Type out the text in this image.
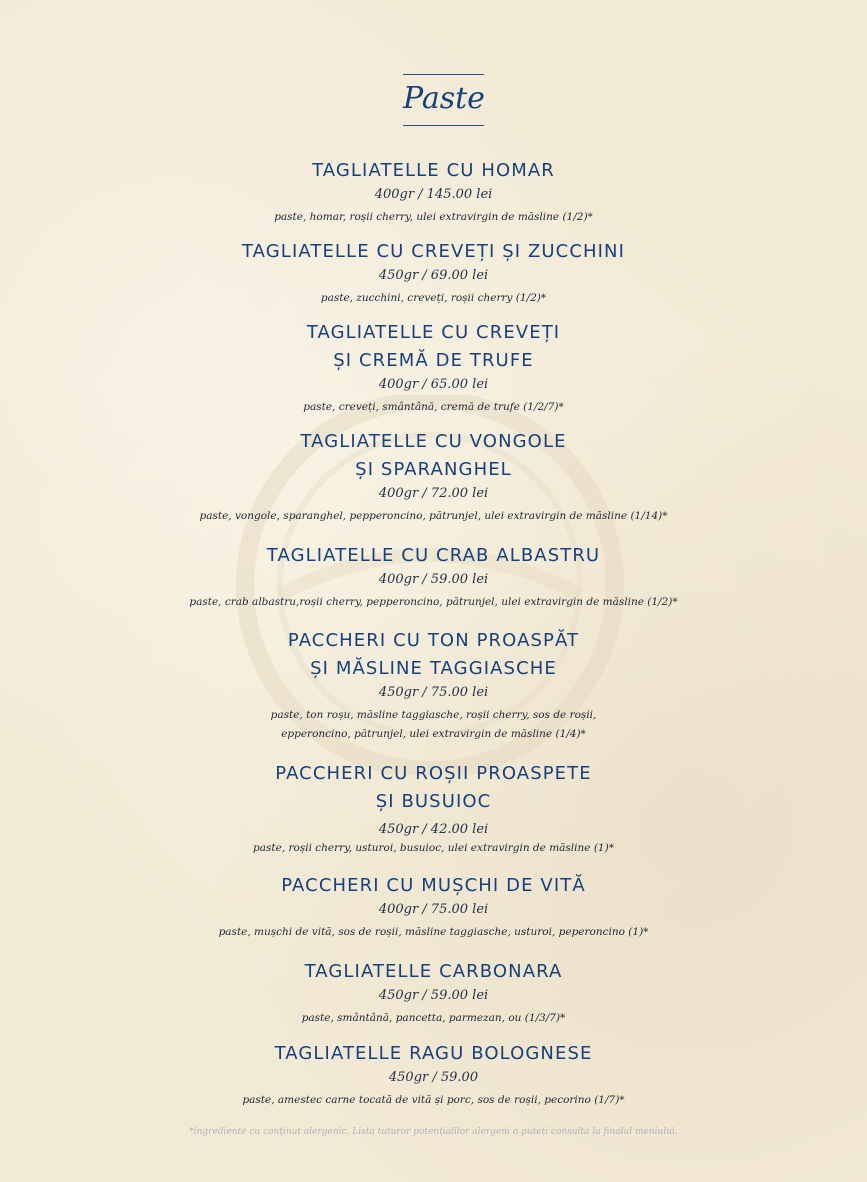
Paste
TAGLIATELLE CU HOMAR
400gr / 145.00 lei
paste, homar, roșii cherry, ulei extravirgin de măsline (1/2)*
TAGLIATELLE CU CREVEȚI ȘI ZUCCHINI
450gr / 69.00 lei
paste, zucchini, creveți, roșii cherry (1/2)*
TAGLIATELLE CU CREVEȚI
ȘI CREMĂ DE TRUFE
400gr / 65.00 lei
paste, creveți, smântână, cremă de trufe (1/2/7)*
TAGLIATELLE CU VONGOLE
ȘI SPARANGHEL
400gr / 72.00 lei
paste, vongole, sparanghel, pepperoncino, pătrunjel, ulei extravirgin de măsline (1/14)*
TAGLIATELLE CU CRAB ALBASTRU
400gr / 59.00 lei
paste, crab albastru,roșii cherry, pepperoncino, pătrunjel, ulei extravirgin de măsline (1/2)*
PACCHERI CU TON PROASPĂT
ȘI MĂSLINE TAGGIASCHE
450gr / 75.00 lei
paste, ton roșu, măsline taggiasche, roșii cherry, sos de roșii,
epperoncino, pătrunjel, ulei extravirgin de măsline (1/4)*
PACCHERI CU ROȘII PROASPETE
ȘI BUSUIOC
450gr / 42.00 lei
paste, roșii cherry, usturoi, busuioc, ulei extravirgin de măsline (1)*
PACCHERI CU MUȘCHI DE VITĂ
400gr / 75.00 lei
paste, mușchi de vită, sos de roșii, măsline taggiasche, usturoi, peperoncino (1)*
TAGLIATELLE CARBONARA
450gr / 59.00 lei
paste, smântână, pancetta, parmezan, ou (1/3/7)*
TAGLIATELLE RAGU BOLOGNESE
450gr / 59.00
paste, amestec carne tocată de vită și porc, sos de roșii, pecorino (1/7)*
*ingrediente cu conținut alergenic. Lista tuturor potențialilor alergeni o puteți consulta la finalul meniului.
